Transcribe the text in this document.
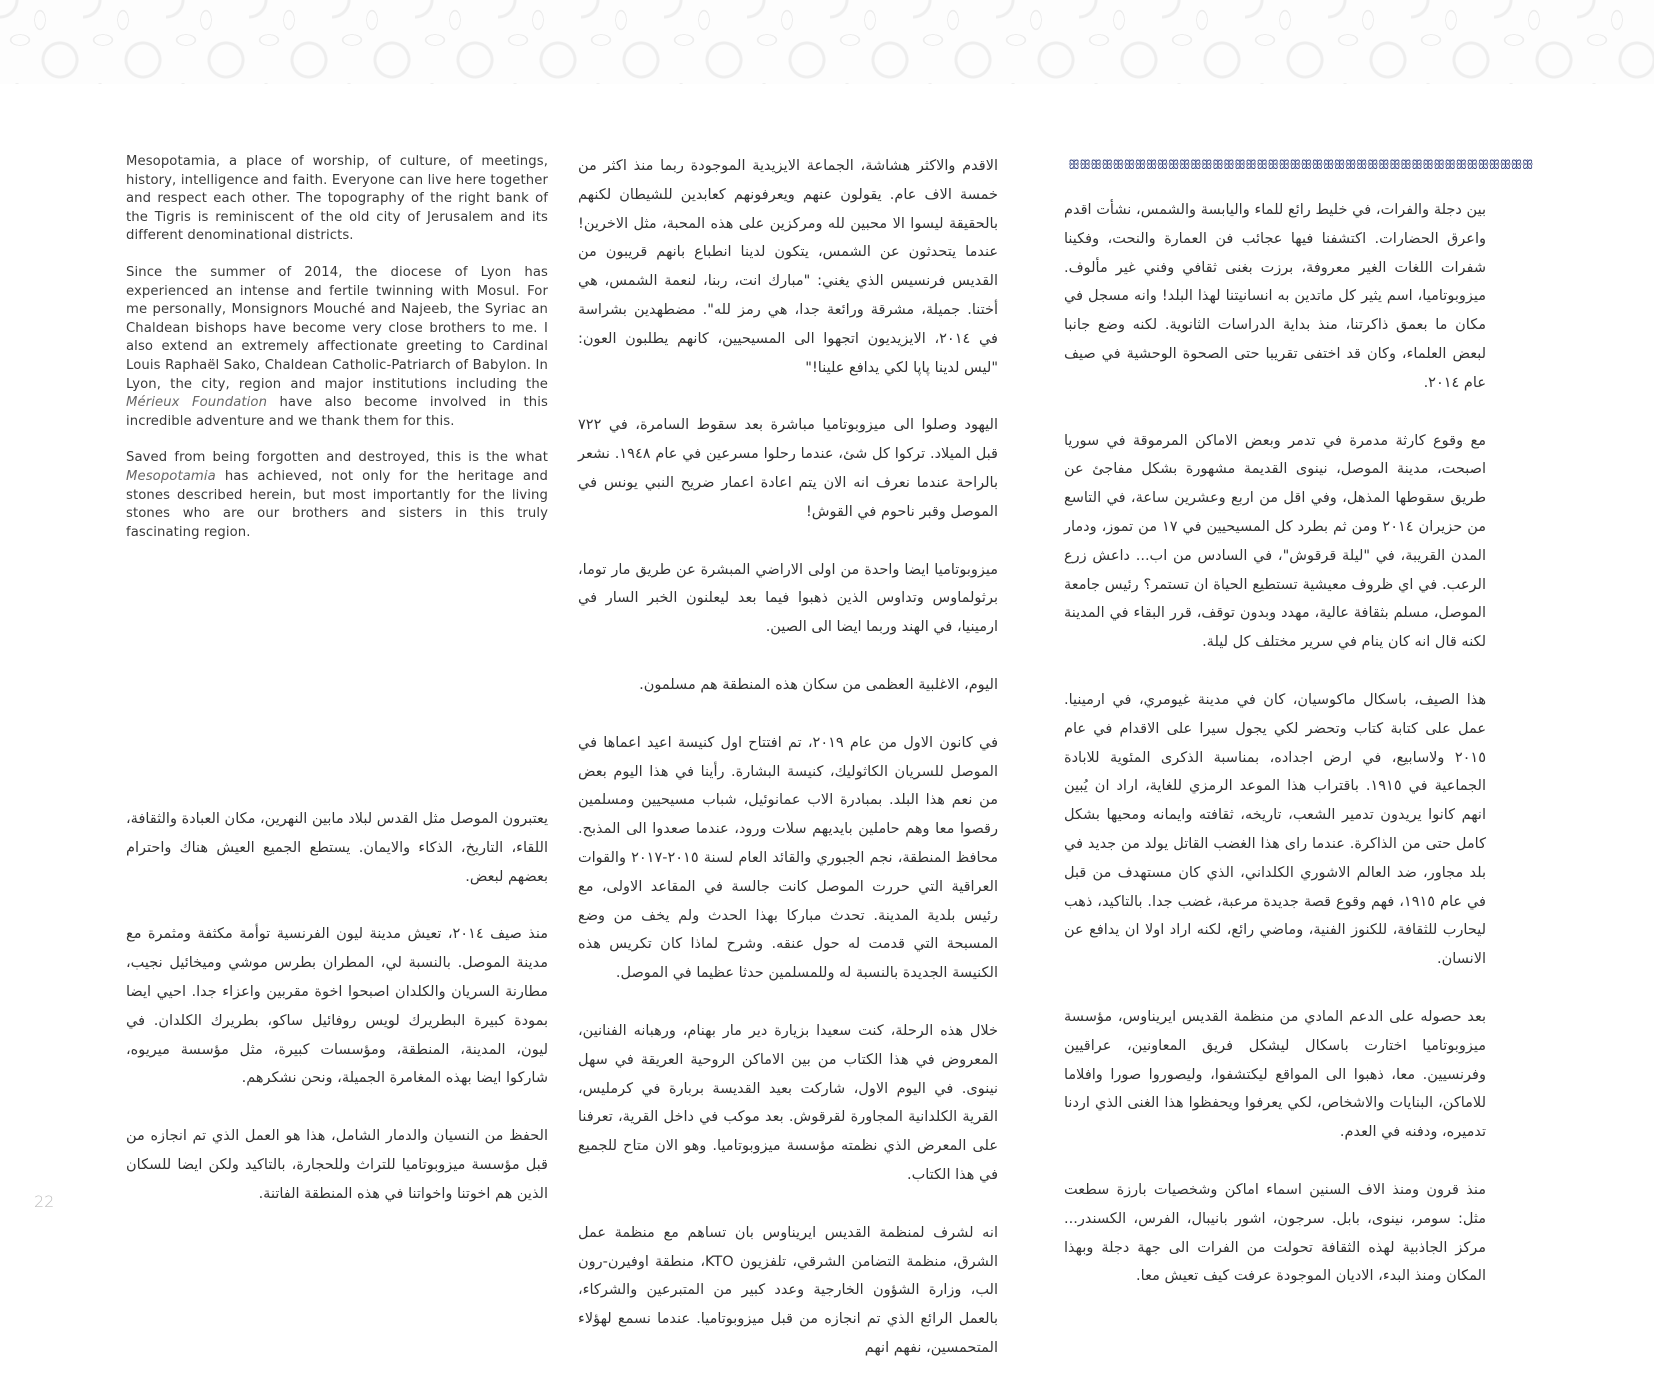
Mesopotamia, a place of worship, of culture, of meetings, history, intelligence and faith. Everyone can live here together and respect each other. The topography of the right bank of the Tigris is reminiscent of the old city of Jerusalem and its different denominational districts.

Since the summer of 2014, the diocese of Lyon has experienced an intense and fertile twinning with Mosul. For me personally, Monsignors Mouché and Najeeb, the Syriac an Chaldean bishops have become very close brothers to me. I also extend an extremely affectionate greeting to Cardinal Louis Raphaël Sako, Chaldean Catholic-Patriarch of Babylon. In Lyon, the city, region and major institutions including the Mérieux Foundation have also become involved in this incredible adventure and we thank them for this.

Saved from being forgotten and destroyed, this is the what Mesopotamia has achieved, not only for the heritage and stones described herein, but most importantly for the living stones who are our brothers and sisters in this truly fascinating region.

يعتبرون الموصل مثل القدس لبلاد مابين النهرين، مكان العبادة والثقافة، اللقاء، التاريخ، الذكاء والايمان. يستطع الجميع العيش هناك واحترام بعضهم لبعض.

منذ صيف ٢٠١٤، تعيش مدينة ليون الفرنسية توأمة مكثفة ومثمرة مع مدينة الموصل. بالنسبة لي، المطران بطرس موشي وميخائيل نجيب، مطارنة السريان والكلدان اصبحوا اخوة مقربين واعزاء جدا. احيي ايضا بمودة كبيرة البطريرك لويس روفائيل ساكو، بطريرك الكلدان. في ليون، المدينة، المنطقة، ومؤسسات كبيرة، مثل مؤسسة ميريوه، شاركوا ايضا بهذه المغامرة الجميلة، ونحن نشكرهم.

الحفظ من النسيان والدمار الشامل، هذا هو العمل الذي تم انجازه من قبل مؤسسة ميزوبوتاميا للتراث وللحجارة، بالتاكيد ولكن ايضا للسكان الذين هم اخوتنا واخواتنا في هذه المنطقة الفاتنة.

الاقدم والاكثر هشاشة، الجماعة الايزيدية الموجودة ربما منذ اكثر من خمسة الاف عام. يقولون عنهم ويعرفونهم كعابدين للشيطان لكنهم بالحقيقة ليسوا الا محبين لله ومركزين على هذه المحبة، مثل الاخرين! عندما يتحدثون عن الشمس، يتكون لدينا انطباع بانهم قريبون من القديس فرنسيس الذي يغني: "مبارك انت، ربنا، لنعمة الشمس، هي أختنا. جميلة، مشرقة ورائعة جدا، هي رمز لله". مضطهدين بشراسة في ٢٠١٤، الايزيديون اتجهوا الى المسيحيين، كانهم يطلبون العون: "ليس لدينا پاپا لكي يدافع علينا!"

اليهود وصلوا الى ميزوبوتاميا مباشرة بعد سقوط السامرة، في ٧٢٢ قبل الميلاد. تركوا كل شئ، عندما رحلوا مسرعين في عام ١٩٤٨. نشعر بالراحة عندما نعرف انه الان يتم اعادة اعمار ضريح النبي يونس في الموصل وقبر ناحوم في القوش!

ميزوبوتاميا ايضا واحدة من اولى الاراضي المبشرة عن طريق مار توما، برثولماوس وتداوس الذين ذهبوا فيما بعد ليعلنون الخبر السار في ارمينيا، في الهند وربما ايضا الى الصين.

اليوم، الاغلبية العظمى من سكان هذه المنطقة هم مسلمون.

في كانون الاول من عام ٢٠١٩، تم افتتاح اول كنيسة اعيد اعماها في الموصل للسريان الكاثوليك، كنيسة البشارة. رأينا في هذا اليوم بعض من نعم هذا البلد. بمبادرة الاب عمانوئيل، شباب مسيحيين ومسلمين رقصوا معا وهم حاملين بايديهم سلات ورود، عندما صعدوا الى المذبح. محافظ المنطقة، نجم الجبوري والقائد العام لسنة ٢٠١٥-٢٠١٧ والقوات العراقية التي حررت الموصل كانت جالسة في المقاعد الاولى، مع رئيس بلدية المدينة. تحدث مباركا بهذا الحدث ولم يخف من وضع المسبحة التي قدمت له حول عنقه. وشرح لماذا كان تكريس هذه الكنيسة الجديدة بالنسبة له وللمسلمين حدثا عظيما في الموصل.

خلال هذه الرحلة، كنت سعيدا بزيارة دير مار بهنام، ورهبانه الفنانين، المعروض في هذا الكتاب من بين الاماكن الروحية العريقة في سهل نينوى. في اليوم الاول، شاركت بعيد القديسة بربارة في كرمليس، القرية الكلدانية المجاورة لقرقوش. بعد موكب في داخل القرية، تعرفنا على المعرض الذي نظمته مؤسسة ميزوبوتاميا. وهو الان متاح للجميع في هذا الكتاب.

انه لشرف لمنظمة القديس ايريناوس بان تساهم مع منظمة عمل الشرق، منظمة التضامن الشرقي، تلفزيون KTO، منطقة اوفيرن-رون الب، وزارة الشؤون الخارجية وعدد كبير من المتبرعين والشركاء، بالعمل الرائع الذي تم انجازه من قبل ميزوبوتاميا. عندما نسمع لهؤلاء المتحمسين، نفهم انهم

ꕥꕥꕥꕥꕥꕥꕥꕥꕥꕥꕥꕥꕥꕥꕥꕥꕥꕥꕥꕥꕥꕥꕥꕥꕥꕥꕥꕥꕥꕥꕥꕥꕥꕥꕥꕥꕥꕥꕥꕥꕥꕥ

بين دجلة والفرات، في خليط رائع للماء واليابسة والشمس، نشأت اقدم واعرق الحضارات. اكتشفنا فيها عجائب فن العمارة والنحت، وفكينا شفرات اللغات الغير معروفة، برزت بغنى ثقافي وفني غير مألوف. ميزوبوتاميا، اسم يثير كل ماتدين به انسانيتنا لهذا البلد! وانه مسجل في مكان ما بعمق ذاكرتنا، منذ بداية الدراسات الثانوية. لكنه وضع جانبا لبعض العلماء، وكان قد اختفى تقريبا حتى الصحوة الوحشية في صيف عام ٢٠١٤.

مع وقوع كارثة مدمرة في تدمر وبعض الاماكن المرموقة في سوريا اصبحت، مدينة الموصل، نينوى القديمة مشهورة بشكل مفاجئ عن طريق سقوطها المذهل، وفي اقل من اربع وعشرين ساعة، في التاسع من حزيران ٢٠١٤ ومن ثم بطرد كل المسيحيين في ١٧ من تموز، ودمار المدن القريبة، في "ليلة قرقوش"، في السادس من اب... داعش زرع الرعب. في اي ظروف معيشية تستطيع الحياة ان تستمر؟ رئيس جامعة الموصل، مسلم بثقافة عالية، مهدد وبدون توقف، قرر البقاء في المدينة لكنه قال انه كان ينام في سرير مختلف كل ليلة.

هذا الصيف، باسكال ماكوسيان، كان في مدينة غيومري، في ارمينيا. عمل على كتابة كتاب وتحضر لكي يجول سيرا على الاقدام في عام ٢٠١٥ ولاسابيع، في ارض اجداده، بمناسبة الذكرى المئوية للابادة الجماعية في ١٩١٥. باقتراب هذا الموعد الرمزي للغاية، اراد ان يُبين انهم كانوا يريدون تدمير الشعب، تاريخه، ثقافته وايمانه ومحيها بشكل كامل حتى من الذاكرة. عندما راى هذا الغضب القاتل يولد من جديد في بلد مجاور، ضد العالم الاشوري الكلداني، الذي كان مستهدف من قبل في عام ١٩١٥، فهم وقوع قصة جديدة مرعبة، غضب جدا. بالتاكيد، ذهب ليحارب للثقافة، للكنوز الفنية، وماضي رائع، لكنه اراد اولا ان يدافع عن الانسان.

بعد حصوله على الدعم المادي من منظمة القديس ايريناوس، مؤسسة ميزوبوتاميا اختارت باسكال ليشكل فريق المعاونين، عراقيين وفرنسيين. معا، ذهبوا الى المواقع ليكتشفوا، وليصوروا صورا وافلاما للاماكن، البنايات والاشخاص، لكي يعرفوا ويحفظوا هذا الغنى الذي اردنا تدميره، ودفنه في العدم.

منذ قرون ومنذ الاف السنين اسماء اماكن وشخصيات بارزة سطعت مثل: سومر، نينوى، بابل. سرجون، اشور بانيبال، الفرس، الكسندر... مركز الجاذبية لهذه الثقافة تحولت من الفرات الى جهة دجلة وبهذا المكان ومنذ البدء، الاديان الموجودة عرفت كيف تعيش معا.

22
